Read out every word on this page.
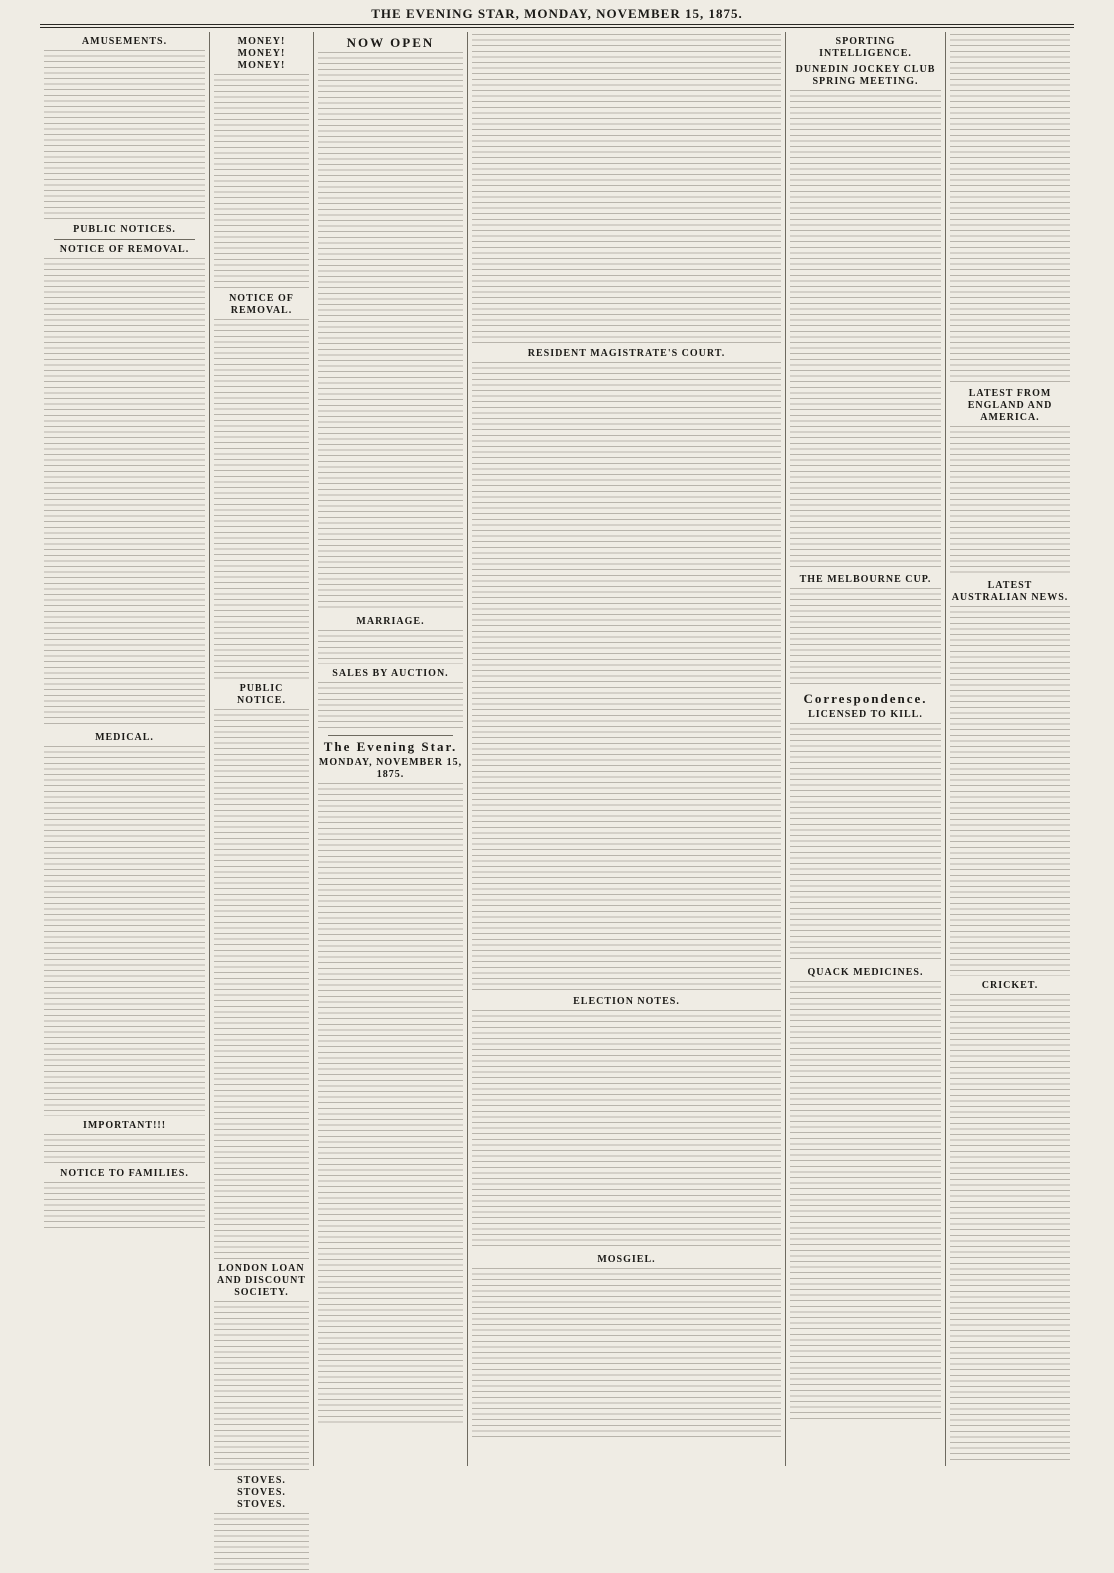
THE EVENING STAR, MONDAY, NOVEMBER 15, 1875.
AMUSEMENTS.
PUBLIC NOTICES.
NOTICE OF REMOVAL.
MEDICAL.
IMPORTANT!!!
NOTICE TO FAMILIES.
MONEY! MONEY! MONEY!
NOTICE OF REMOVAL.
PUBLIC NOTICE.
LONDON LOAN AND DISCOUNT SOCIETY.
STOVES. STOVES. STOVES.
NOW OPEN
MARRIAGE.
SALES BY AUCTION.
The Evening Star.
MONDAY, NOVEMBER 15, 1875.
RESIDENT MAGISTRATE'S COURT.
ELECTION NOTES.
MOSGIEL.
SPORTING INTELLIGENCE.
DUNEDIN JOCKEY CLUB SPRING MEETING.
THE MELBOURNE CUP.
Correspondence.
LICENSED TO KILL.
QUACK MEDICINES.
LATEST FROM ENGLAND AND AMERICA.
LATEST AUSTRALIAN NEWS.
CRICKET.
